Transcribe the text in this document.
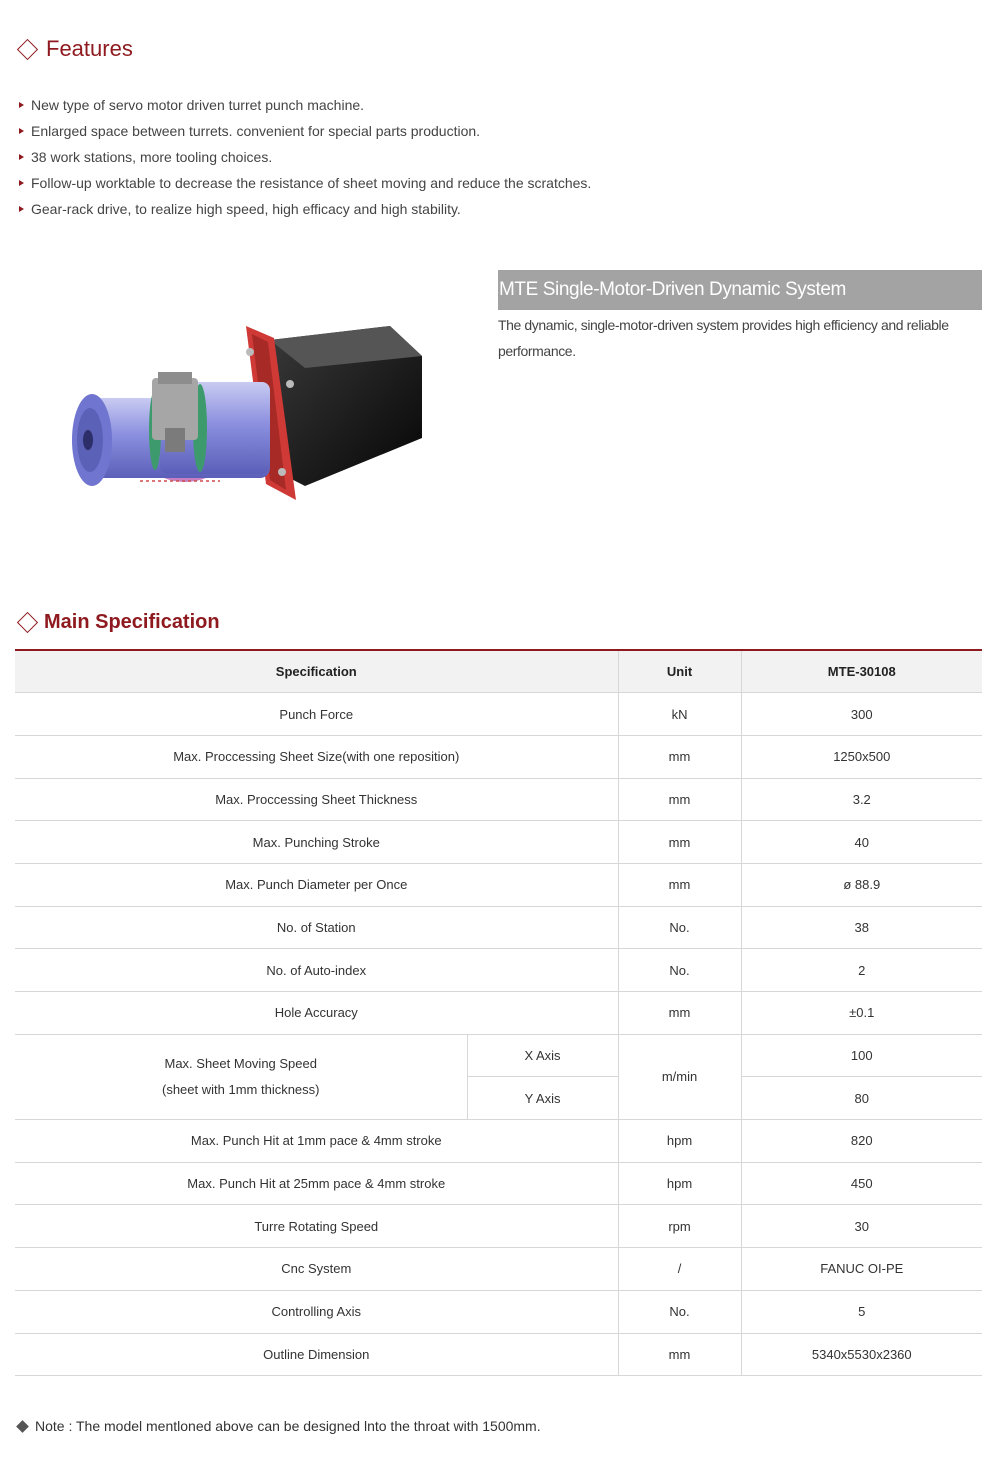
Features
New type of servo motor driven turret punch machine.
Enlarged space between turrets. convenient for special parts production.
38 work stations, more tooling choices.
Follow-up worktable to decrease the resistance of sheet moving and reduce the scratches.
Gear-rack drive, to realize high speed, high efficacy and high stability.
MTE Single-Motor-Driven Dynamic System
The dynamic, single-motor-driven system provides high efficiency and reliable performance.
Main Specification
Specification		Unit	MTE-30108
Punch Force		kN	300
Max. Proccessing Sheet Size(with one reposition)		mm	1250x500
Max. Proccessing Sheet Thickness		mm	3.2
Max. Punching Stroke		mm	40
Max. Punch Diameter per Once		mm	ø 88.9
No. of Station		No.	38
No. of Auto-index		No.	2
Hole Accuracy		mm	±0.1

Max. Sheet Moving Speed
(sheet with 1mm thickness)	X Axis	m/min	100
	Y Axis		80
Max. Punch Hit at 1mm pace & 4mm stroke		hpm	820
Max. Punch Hit at 25mm pace & 4mm stroke		hpm	450
Turre Rotating Speed		rpm	30
Cnc System		/	FANUC OI-PE
Controlling Axis		No.	5
Outline Dimension		mm	5340x5530x2360
Note : The model mentloned above can be designed lnto the throat with 1500mm.
